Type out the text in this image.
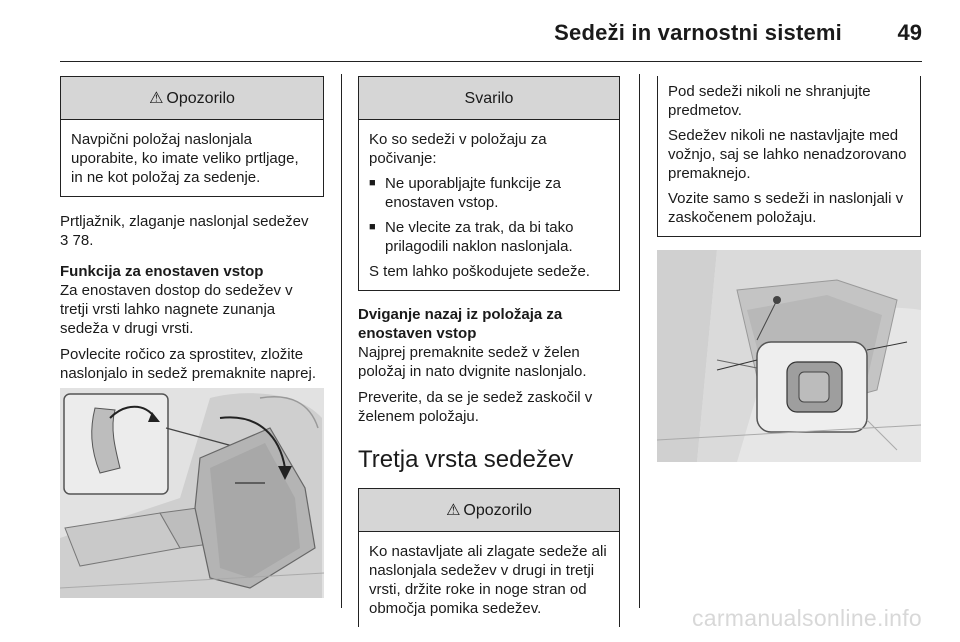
Sedeži in varnostni sistemi	49
⚠ Opozorilo

Navpični položaj naslonjala uporabite, ko imate veliko prtljage, in ne kot položaj za sedenje.

Prtljažnik, zlaganje naslonjal sedežev
3 78.

Funkcija za enostaven vstop

Za enostaven dostop do sedežev v tretji vrsti lahko nagnete zunanja sedeža v drugi vrsti.

Povlecite ročico za sprostitev, zložite naslonjalo in sedež premaknite naprej.

Svarilo

Ko so sedeži v položaju za počivanje:

■ Ne uporabljajte funkcije za enostaven vstop.
■ Ne vlecite za trak, da bi tako prilagodili naklon naslonjala.

S tem lahko poškodujete sedeže.

Dviganje nazaj iz položaja za enostaven vstop

Najprej premaknite sedež v želen položaj in nato dvignite naslonjalo.

Preverite, da se je sedež zaskočil v želenem položaju.

Tretja vrsta sedežev
⚠ Opozorilo

Ko nastavljate ali zlagate sedeže ali naslonjala sedežev v drugi in tretji vrsti, držite roke in noge stran od območja pomika sedežev.

Pod sedeži nikoli ne shranjujte predmetov.

Sedežev nikoli ne nastavljajte med vožnjo, saj se lahko nenadzorovano premaknejo.

Vozite samo s sedeži in naslonjali v zaskočenem položaju.

carmanualsonline.info
